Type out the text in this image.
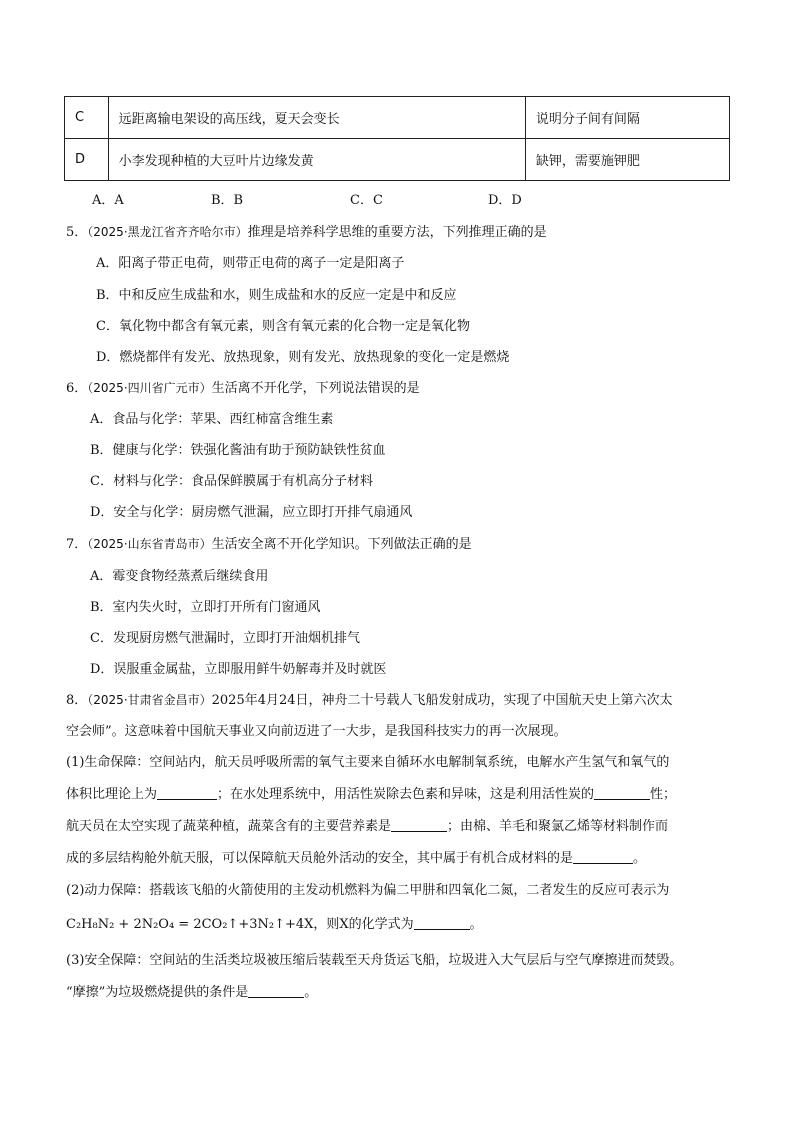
C	远距离输电架设的高压线，夏天会变长	说明分子间有间隔
D	小李发现种植的大豆叶片边缘发黄	缺钾，需要施钾肥
A．A	B．B	C．C	D．D
5．（2025·黑龙江省齐齐哈尔市）推理是培养科学思维的重要方法，下列推理正确的是
A．阳离子带正电荷，则带正电荷的离子一定是阳离子
B．中和反应生成盐和水，则生成盐和水的反应一定是中和反应
C．氧化物中都含有氧元素，则含有氧元素的化合物一定是氧化物
D．燃烧都伴有发光、放热现象，则有发光、放热现象的变化一定是燃烧
6．（2025·四川省广元市）生活离不开化学，下列说法错误的是
A．食品与化学：苹果、西红柿富含维生素
B．健康与化学：铁强化酱油有助于预防缺铁性贫血
C．材料与化学：食品保鲜膜属于有机高分子材料
D．安全与化学：厨房燃气泄漏，应立即打开排气扇通风
7．（2025·山东省青岛市）生活安全离不开化学知识。下列做法正确的是
A．霉变食物经蒸煮后继续食用
B．室内失火时，立即打开所有门窗通风
C．发现厨房燃气泄漏时，立即打开油烟机排气
D．误服重金属盐，立即服用鲜牛奶解毒并及时就医
8．（2025·甘肃省金昌市）2025年4月24日，神舟二十号载人飞船发射成功，实现了中国航天史上第六次太
空会师”。这意味着中国航天事业又向前迈进了一大步，是我国科技实力的再一次展现。
(1)生命保障：空间站内，航天员呼吸所需的氧气主要来自循环水电解制氧系统，电解水产生氢气和氧气的
体积比理论上为	；在水处理系统中，用活性炭除去色素和异味，这是利用活性炭的	性；
航天员在太空实现了蔬菜种植，蔬菜含有的主要营养素是	；由棉、羊毛和聚氯乙烯等材料制作而
成的多层结构舱外航天服，可以保障航天员舱外活动的安全，其中属于有机合成材料的是	。
(2)动力保障：搭载该飞船的火箭使用的主发动机燃料为偏二甲肼和四氧化二氮，二者发生的反应可表示为
C₂H₈N₂ + 2N₂O₄ = 2CO₂↑+3N₂↑+4X，则X的化学式为	。
(3)安全保障：空间站的生活类垃圾被压缩后装载至天舟货运飞船，垃圾进入大气层后与空气摩擦进而焚毁。
“摩擦”为垃圾燃烧提供的条件是	。
